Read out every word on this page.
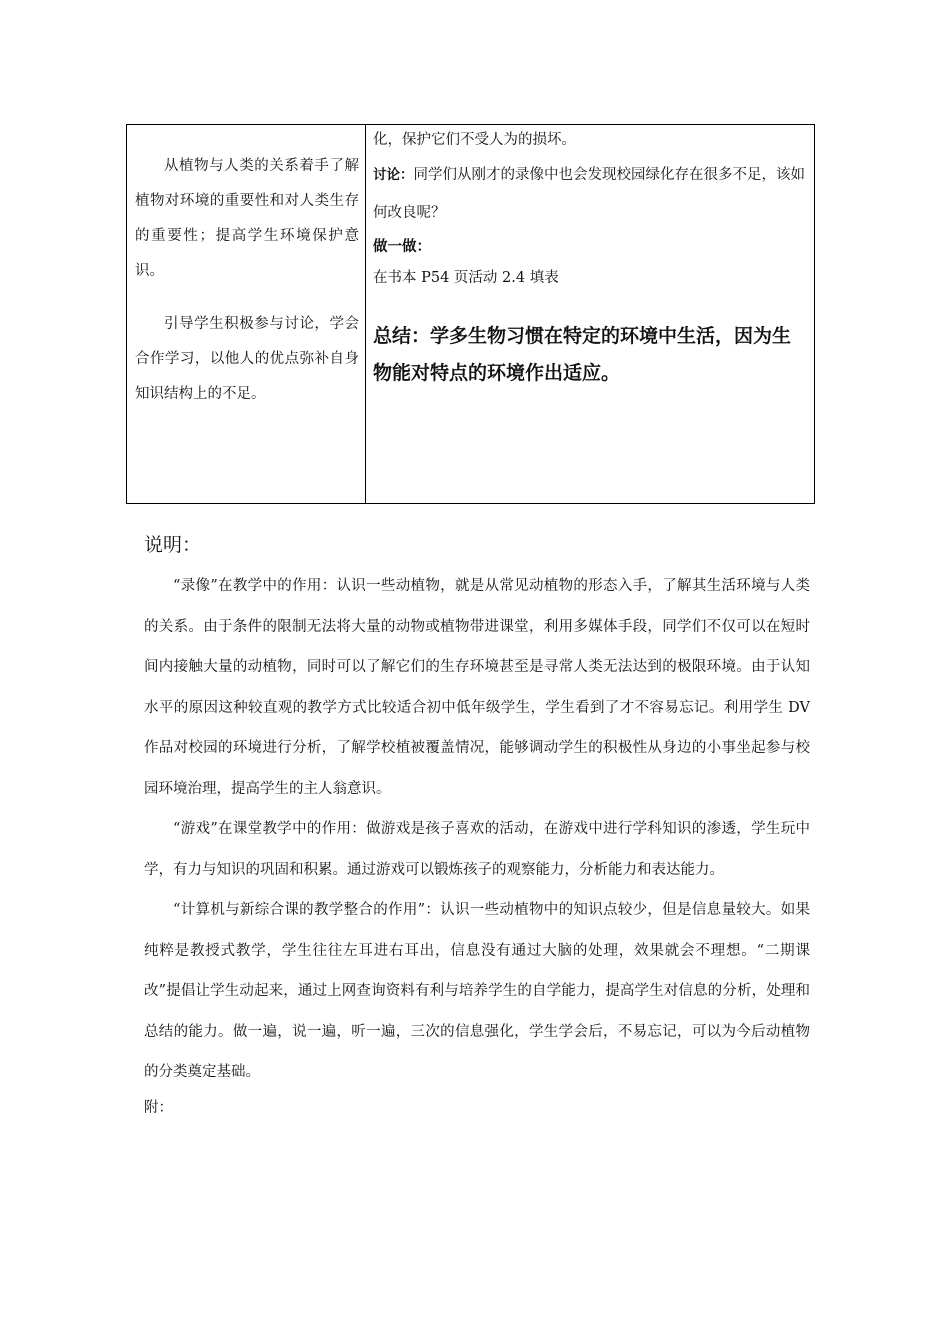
从植物与人类的关系着手了解植物对环境的重要性和对人类生存的重要性；提高学生环境保护意识。

引导学生积极参与讨论，学会合作学习，以他人的优点弥补自身知识结构上的不足。

化，保护它们不受人为的损坏。
讨论：同学们从刚才的录像中也会发现校园绿化存在很多不足，该如何改良呢？
做一做：
在书本 P54 页活动 2.4 填表
总结：学多生物习惯在特定的环境中生活，因为生物能对特点的环境作出适应。
说明：

“录像”在教学中的作用：认识一些动植物，就是从常见动植物的形态入手，了解其生活环境与人类的关系。由于条件的限制无法将大量的动物或植物带进课堂，利用多媒体手段，同学们不仅可以在短时间内接触大量的动植物，同时可以了解它们的生存环境甚至是寻常人类无法达到的极限环境。由于认知水平的原因这种较直观的教学方式比较适合初中低年级学生，学生看到了才不容易忘记。利用学生 DV 作品对校园的环境进行分析，了解学校植被覆盖情况，能够调动学生的积极性从身边的小事坐起参与校园环境治理，提高学生的主人翁意识。

“游戏”在课堂教学中的作用：做游戏是孩子喜欢的活动，在游戏中进行学科知识的渗透，学生玩中学，有力与知识的巩固和积累。通过游戏可以锻炼孩子的观察能力，分析能力和表达能力。

“计算机与新综合课的教学整合的作用”：认识一些动植物中的知识点较少，但是信息量较大。如果纯粹是教授式教学，学生往往左耳进右耳出，信息没有通过大脑的处理，效果就会不理想。“二期课改”提倡让学生动起来，通过上网查询资料有利与培养学生的自学能力，提高学生对信息的分析，处理和总结的能力。做一遍，说一遍，听一遍，三次的信息强化，学生学会后，不易忘记，可以为今后动植物的分类奠定基础。

附：
